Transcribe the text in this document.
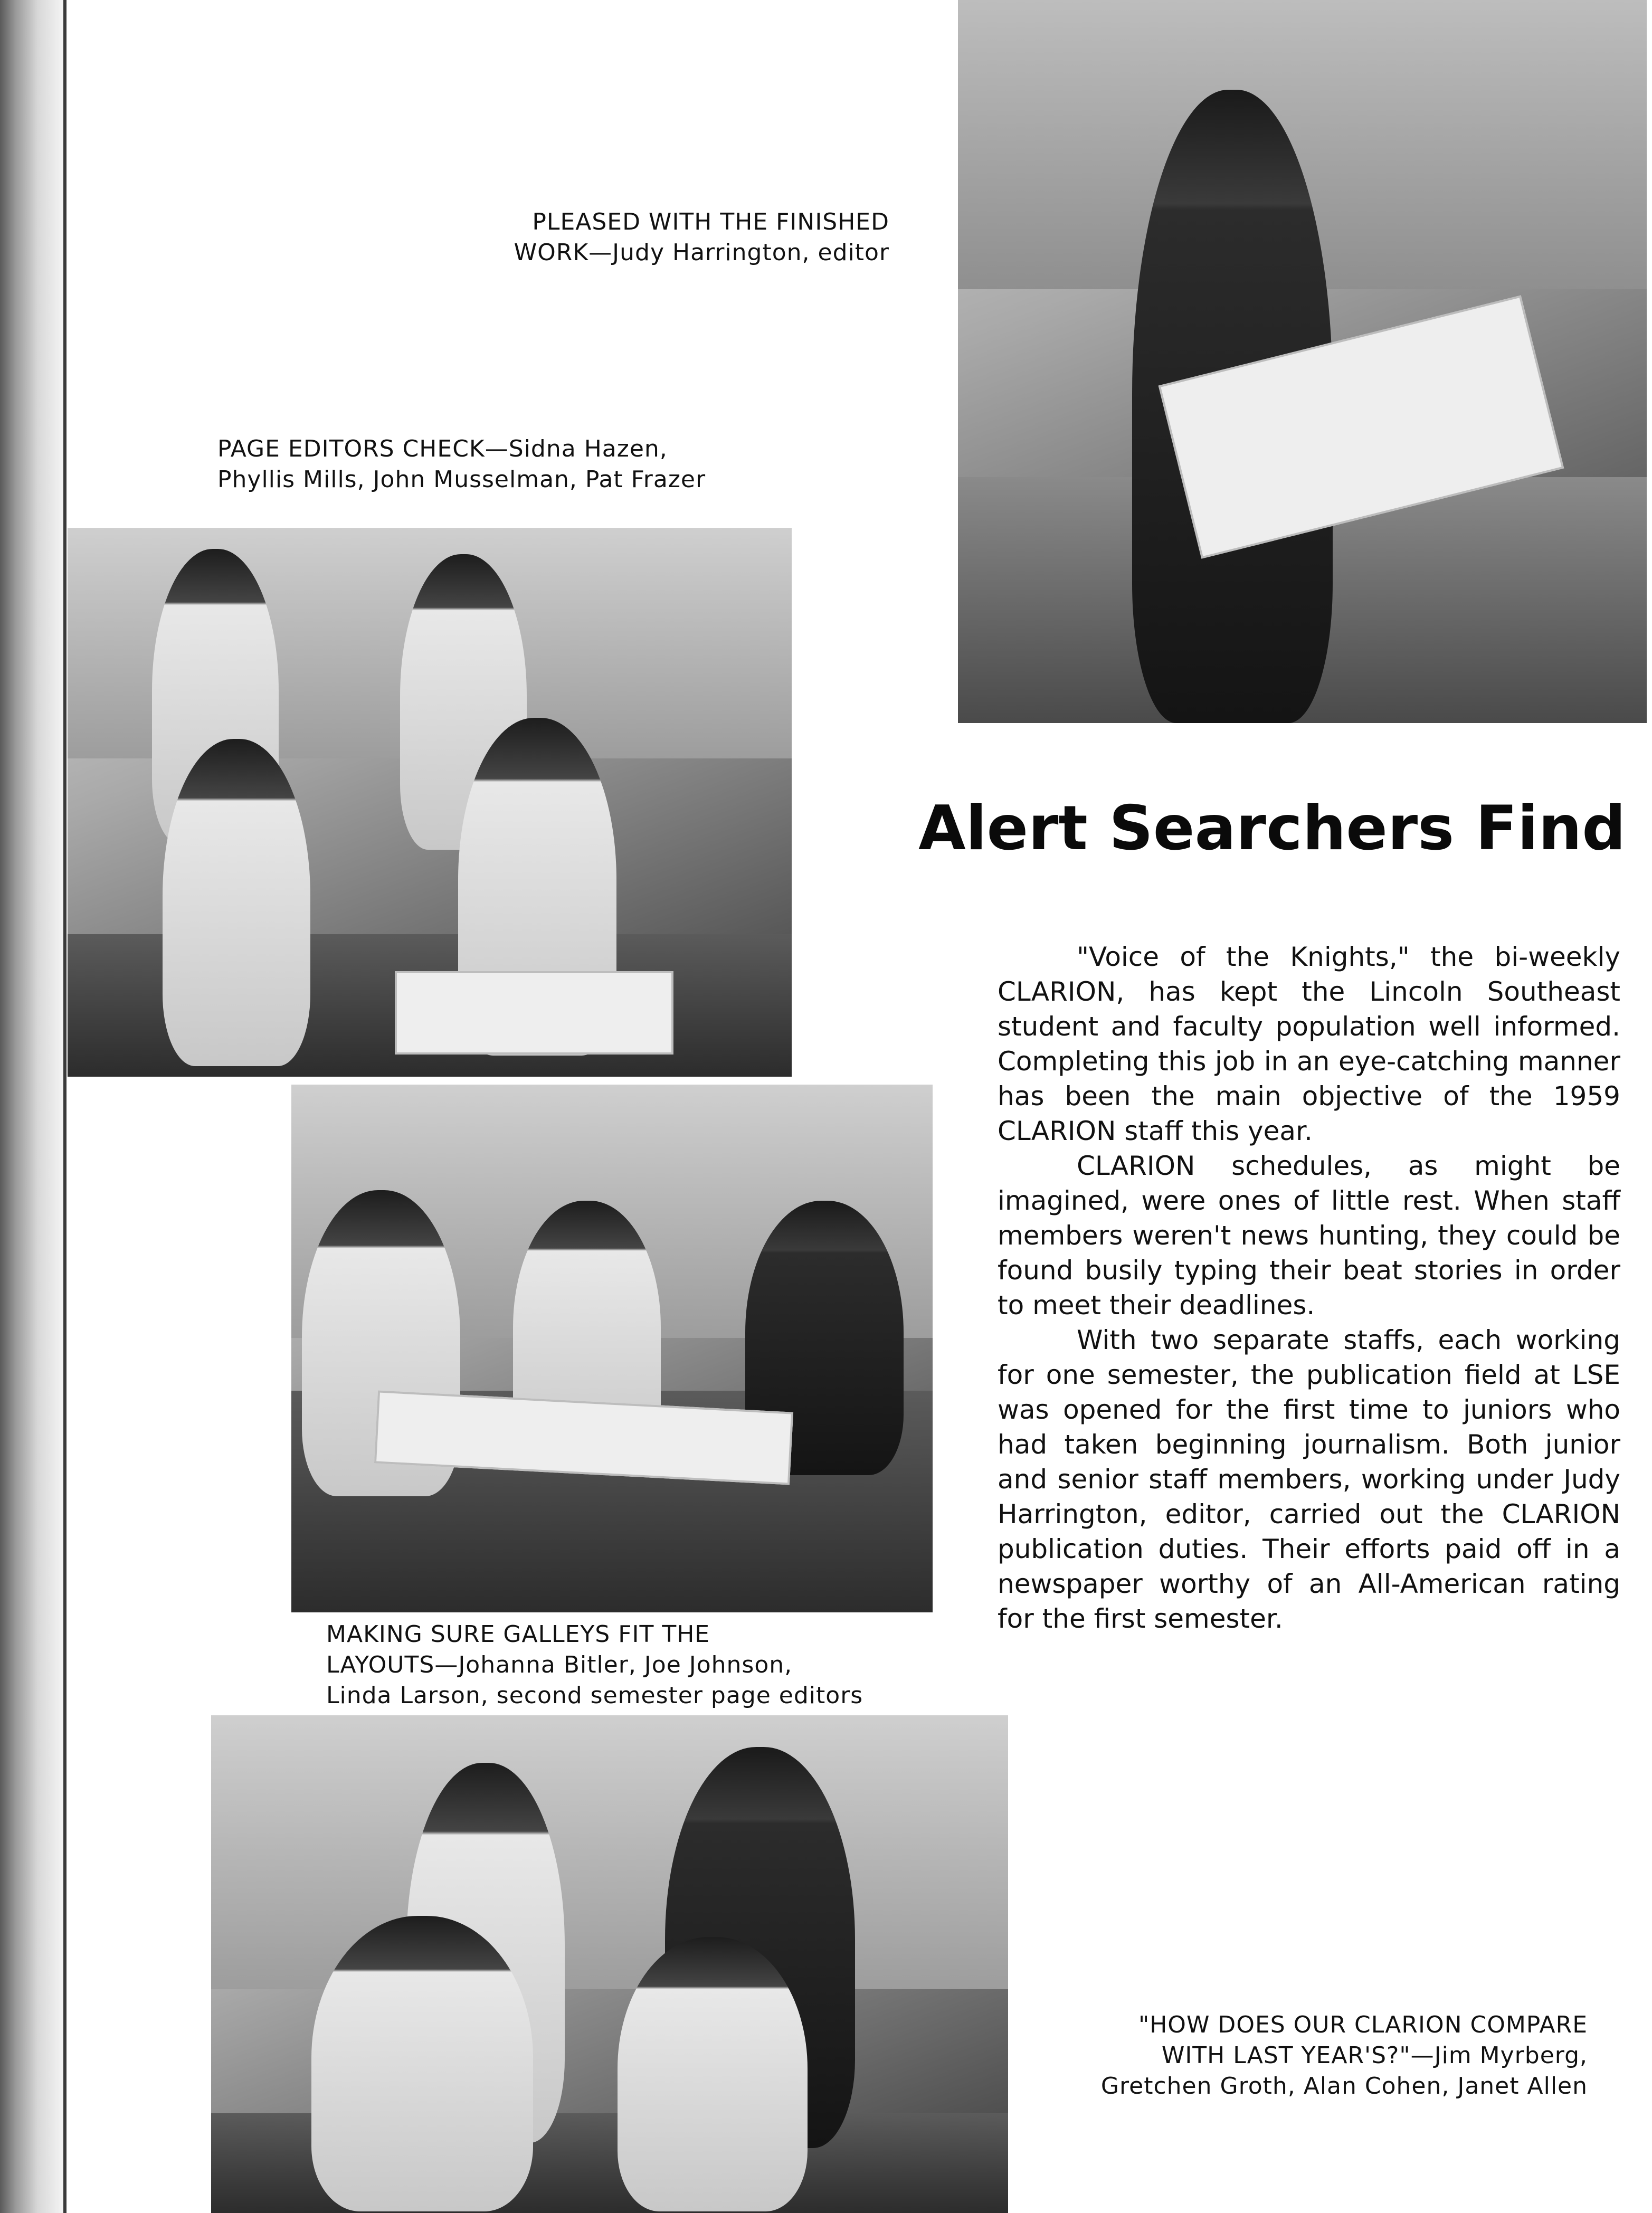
PLEASED WITH THE FINISHED
WORK—Judy Harrington, editor

PAGE EDITORS CHECK—Sidna Hazen,
Phyllis Mills, John Musselman, Pat Frazer

MAKING SURE GALLEYS FIT THE
LAYOUTS—Johanna Bitler, Joe Johnson,
Linda Larson, second semester page editors

"HOW DOES OUR CLARION COMPARE
WITH LAST YEAR'S?"—Jim Myrberg,
Gretchen Groth, Alan Cohen, Janet Allen

Alert Searchers Find

"Voice of the Knights," the bi-weekly CLARION, has kept the Lincoln Southeast student and faculty population well informed. Completing this job in an eye-catching manner has been the main objective of the 1959 CLARION staff this year.

CLARION schedules, as might be imagined, were ones of little rest. When staff members weren't news hunting, they could be found busily typing their beat stories in order to meet their deadlines.

With two separate staffs, each working for one semester, the publication field at LSE was opened for the first time to juniors who had taken beginning journalism. Both junior and senior staff members, working under Judy Harrington, editor, carried out the CLARION publication duties. Their efforts paid off in a newspaper worthy of an All-American rating for the first semester.
